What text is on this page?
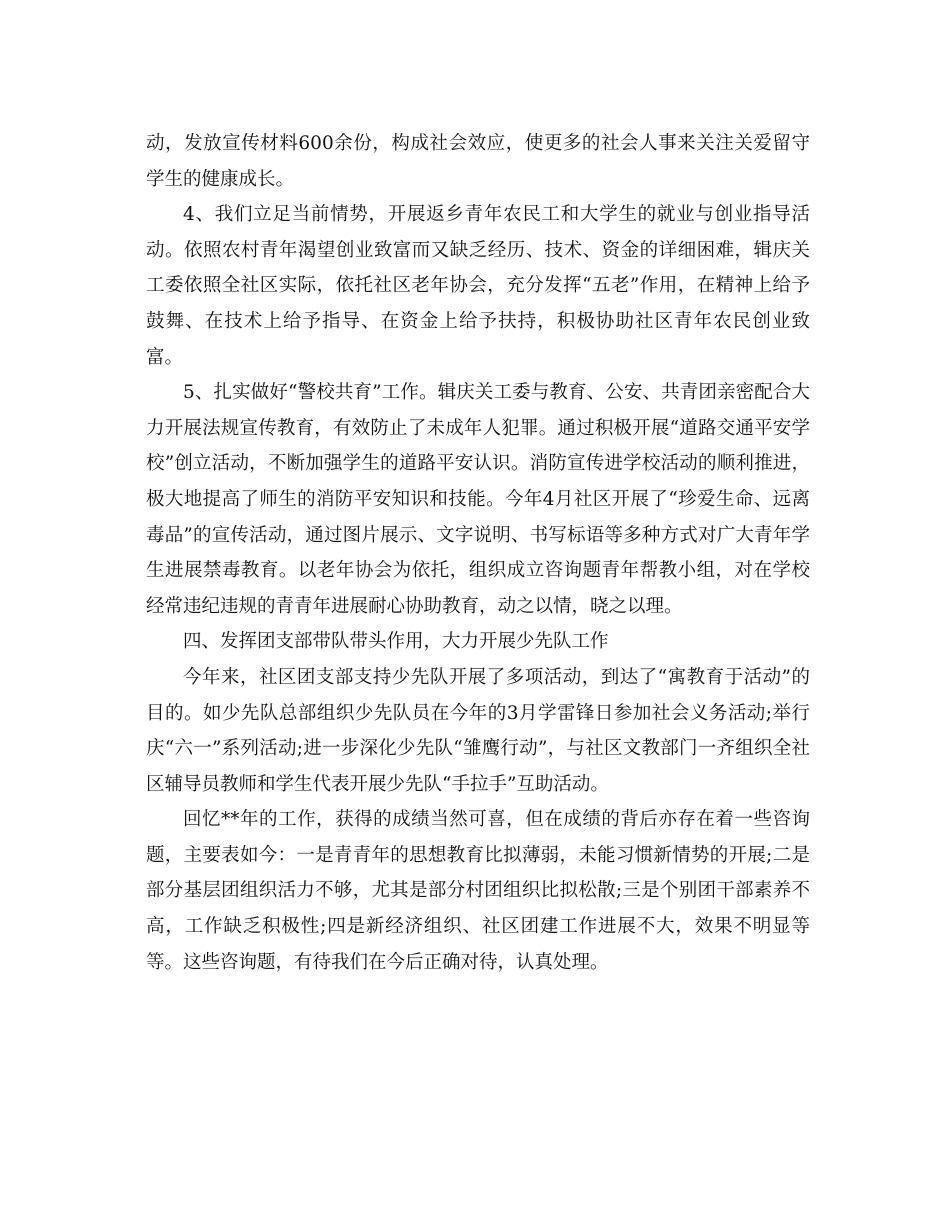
动，发放宣传材料600余份，构成社会效应，使更多的社会人事来关注关爱留守学生的健康成长。

4、我们立足当前情势，开展返乡青年农民工和大学生的就业与创业指导活动。依照农村青年渴望创业致富而又缺乏经历、技术、资金的详细困难，辑庆关工委依照全社区实际，依托社区老年协会，充分发挥“五老”作用，在精神上给予鼓舞、在技术上给予指导、在资金上给予扶持，积极协助社区青年农民创业致富。

5、扎实做好“警校共育”工作。辑庆关工委与教育、公安、共青团亲密配合大力开展法规宣传教育，有效防止了未成年人犯罪。通过积极开展“道路交通平安学校”创立活动，不断加强学生的道路平安认识。消防宣传进学校活动的顺利推进，极大地提高了师生的消防平安知识和技能。今年4月社区开展了“珍爱生命、远离毒品”的宣传活动，通过图片展示、文字说明、书写标语等多种方式对广大青年学生进展禁毒教育。以老年协会为依托，组织成立咨询题青年帮教小组，对在学校经常违纪违规的青青年进展耐心协助教育，动之以情，晓之以理。

四、发挥团支部带队带头作用，大力开展少先队工作

今年来，社区团支部支持少先队开展了多项活动，到达了“寓教育于活动”的目的。如少先队总部组织少先队员在今年的3月学雷锋日参加社会义务活动;举行庆“六一”系列活动;进一步深化少先队“雏鹰行动”，与社区文教部门一齐组织全社区辅导员教师和学生代表开展少先队“手拉手”互助活动。

回忆**年的工作，获得的成绩当然可喜，但在成绩的背后亦存在着一些咨询题，主要表如今：一是青青年的思想教育比拟薄弱，未能习惯新情势的开展;二是部分基层团组织活力不够，尤其是部分村团组织比拟松散;三是个别团干部素养不高，工作缺乏积极性;四是新经济组织、社区团建工作进展不大，效果不明显等等。这些咨询题，有待我们在今后正确对待，认真处理。
